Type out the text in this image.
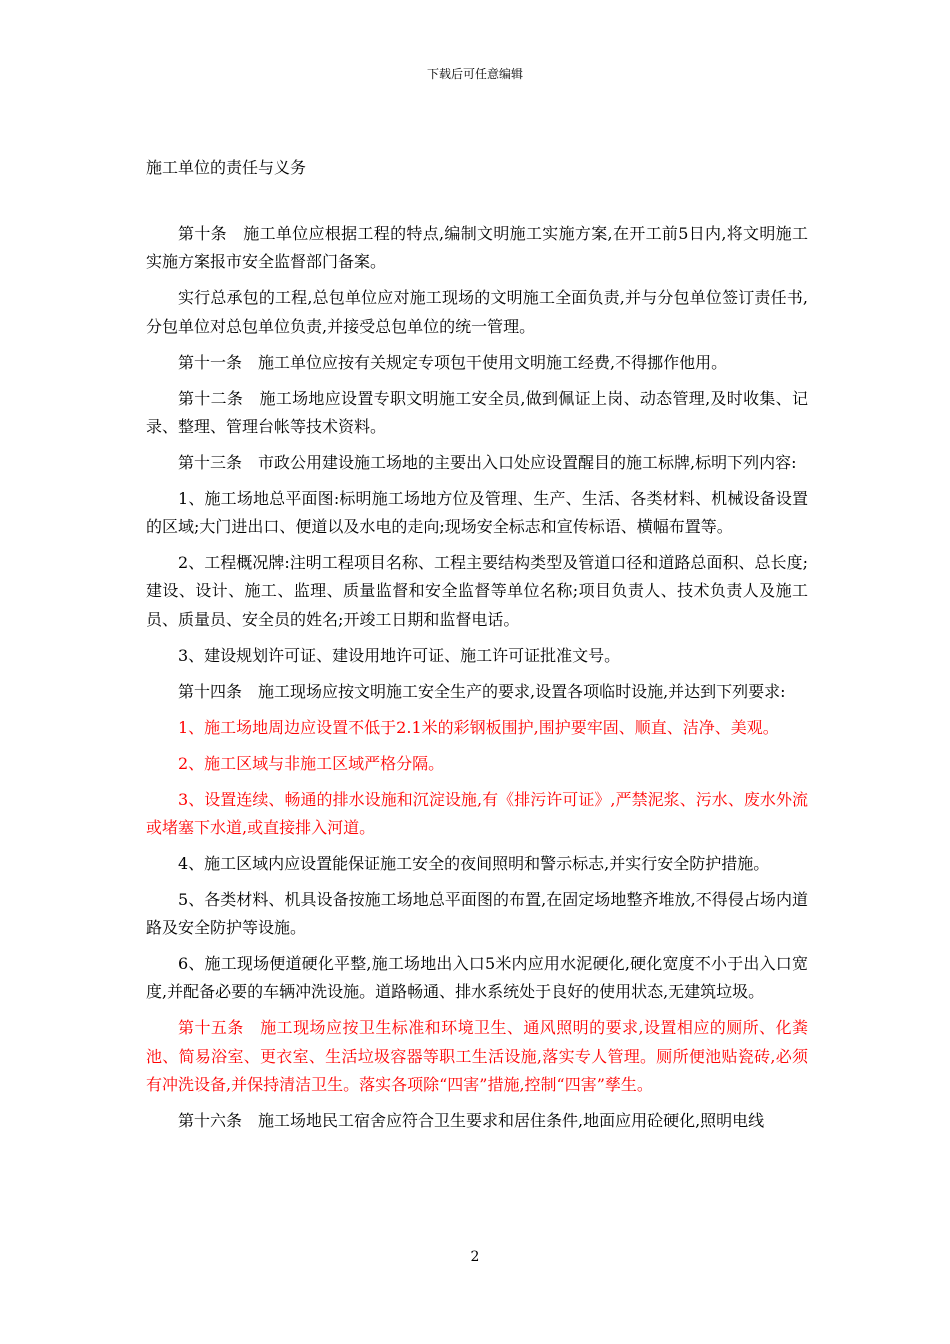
下载后可任意编辑
施工单位的责任与义务

第十条　施工单位应根据工程的特点,编制文明施工实施方案,在开工前5日内,将文明施工实施方案报市安全监督部门备案。

实行总承包的工程,总包单位应对施工现场的文明施工全面负责,并与分包单位签订责任书,分包单位对总包单位负责,并接受总包单位的统一管理。

第十一条　施工单位应按有关规定专项包干使用文明施工经费,不得挪作他用。

第十二条　施工场地应设置专职文明施工安全员,做到佩证上岗、动态管理,及时收集、记录、整理、管理台帐等技术资料。

第十三条　市政公用建设施工场地的主要出入口处应设置醒目的施工标牌,标明下列内容:

1、施工场地总平面图:标明施工场地方位及管理、生产、生活、各类材料、机械设备设置的区域;大门进出口、便道以及水电的走向;现场安全标志和宣传标语、横幅布置等。

2、工程概况牌:注明工程项目名称、工程主要结构类型及管道口径和道路总面积、总长度;建设、设计、施工、监理、质量监督和安全监督等单位名称;项目负责人、技术负责人及施工员、质量员、安全员的姓名;开竣工日期和监督电话。

3、建设规划许可证、建设用地许可证、施工许可证批准文号。

第十四条　施工现场应按文明施工安全生产的要求,设置各项临时设施,并达到下列要求:

1、施工场地周边应设置不低于2.1米的彩钢板围护,围护要牢固、顺直、洁净、美观。

2、施工区域与非施工区域严格分隔。

3、设置连续、畅通的排水设施和沉淀设施,有《排污许可证》,严禁泥浆、污水、废水外流或堵塞下水道,或直接排入河道。

4、施工区域内应设置能保证施工安全的夜间照明和警示标志,并实行安全防护措施。

5、各类材料、机具设备按施工场地总平面图的布置,在固定场地整齐堆放,不得侵占场内道路及安全防护等设施。

6、施工现场便道硬化平整,施工场地出入口5米内应用水泥硬化,硬化宽度不小于出入口宽度,并配备必要的车辆冲洗设施。道路畅通、排水系统处于良好的使用状态,无建筑垃圾。

第十五条　施工现场应按卫生标准和环境卫生、通风照明的要求,设置相应的厕所、化粪池、简易浴室、更衣室、生活垃圾容器等职工生活设施,落实专人管理。厕所便池贴瓷砖,必须有冲洗设备,并保持清洁卫生。落实各项除“四害”措施,控制“四害”孳生。

第十六条　施工场地民工宿舍应符合卫生要求和居住条件,地面应用砼硬化,照明电线

2
